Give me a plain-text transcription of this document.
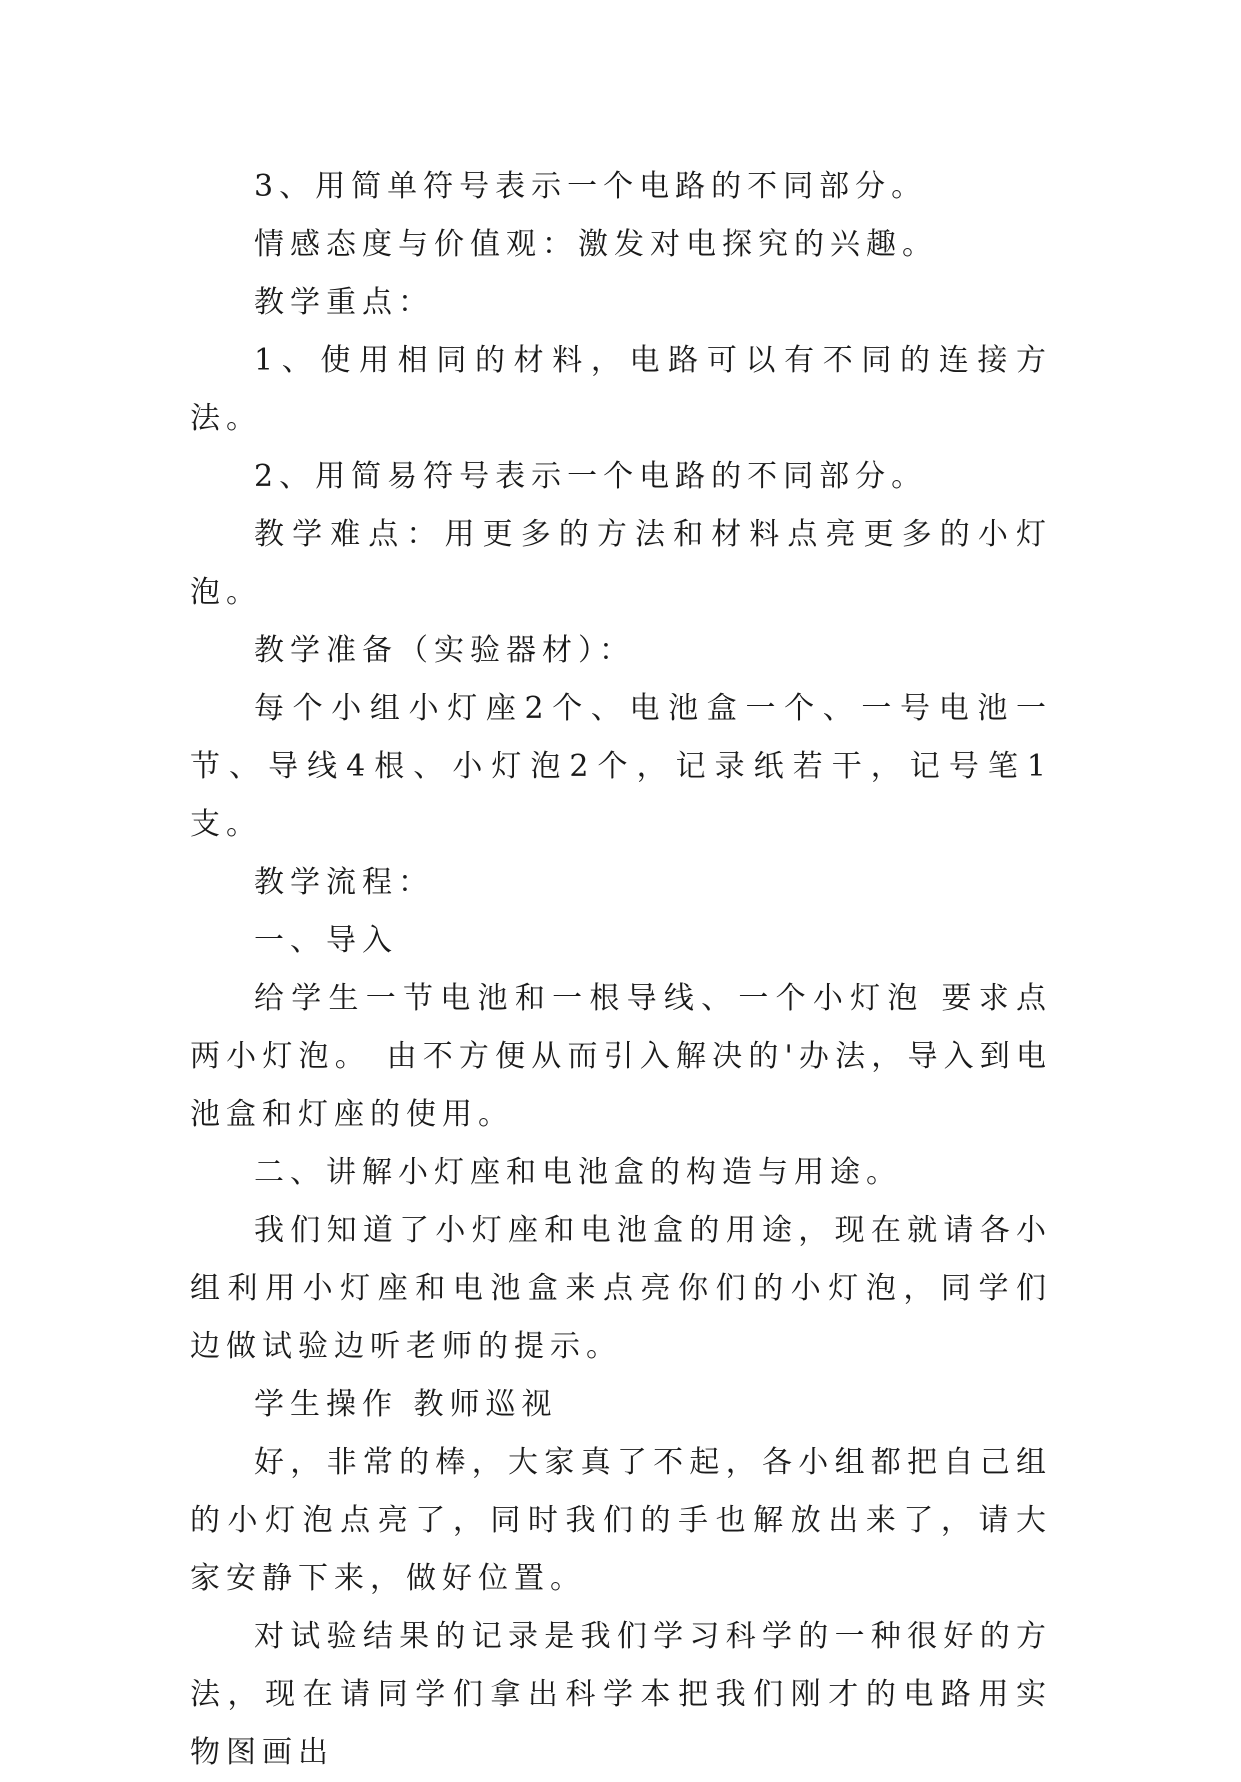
3、用简单符号表示一个电路的不同部分。

情感态度与价值观：激发对电探究的兴趣。

教学重点：

1、使用相同的材料，电路可以有不同的连接方法。

2、用简易符号表示一个电路的不同部分。

教学难点：用更多的方法和材料点亮更多的小灯泡。

教学准备（实验器材）：

每个小组小灯座2个、电池盒一个、一号电池一节、导线4根、小灯泡2个，记录纸若干，记号笔1支。

教学流程：

一、导入

给学生一节电池和一根导线、一个小灯泡 要求点两小灯泡。 由不方便从而引入解决的'办法，导入到电池盒和灯座的使用。

二、讲解小灯座和电池盒的构造与用途。

我们知道了小灯座和电池盒的用途，现在就请各小组利用小灯座和电池盒来点亮你们的小灯泡，同学们边做试验边听老师的提示。

学生操作 教师巡视

好，非常的棒，大家真了不起，各小组都把自己组的小灯泡点亮了，同时我们的手也解放出来了，请大家安静下来，做好位置。

对试验结果的记录是我们学习科学的一种很好的方法，现在请同学们拿出科学本把我们刚才的电路用实物图画出
